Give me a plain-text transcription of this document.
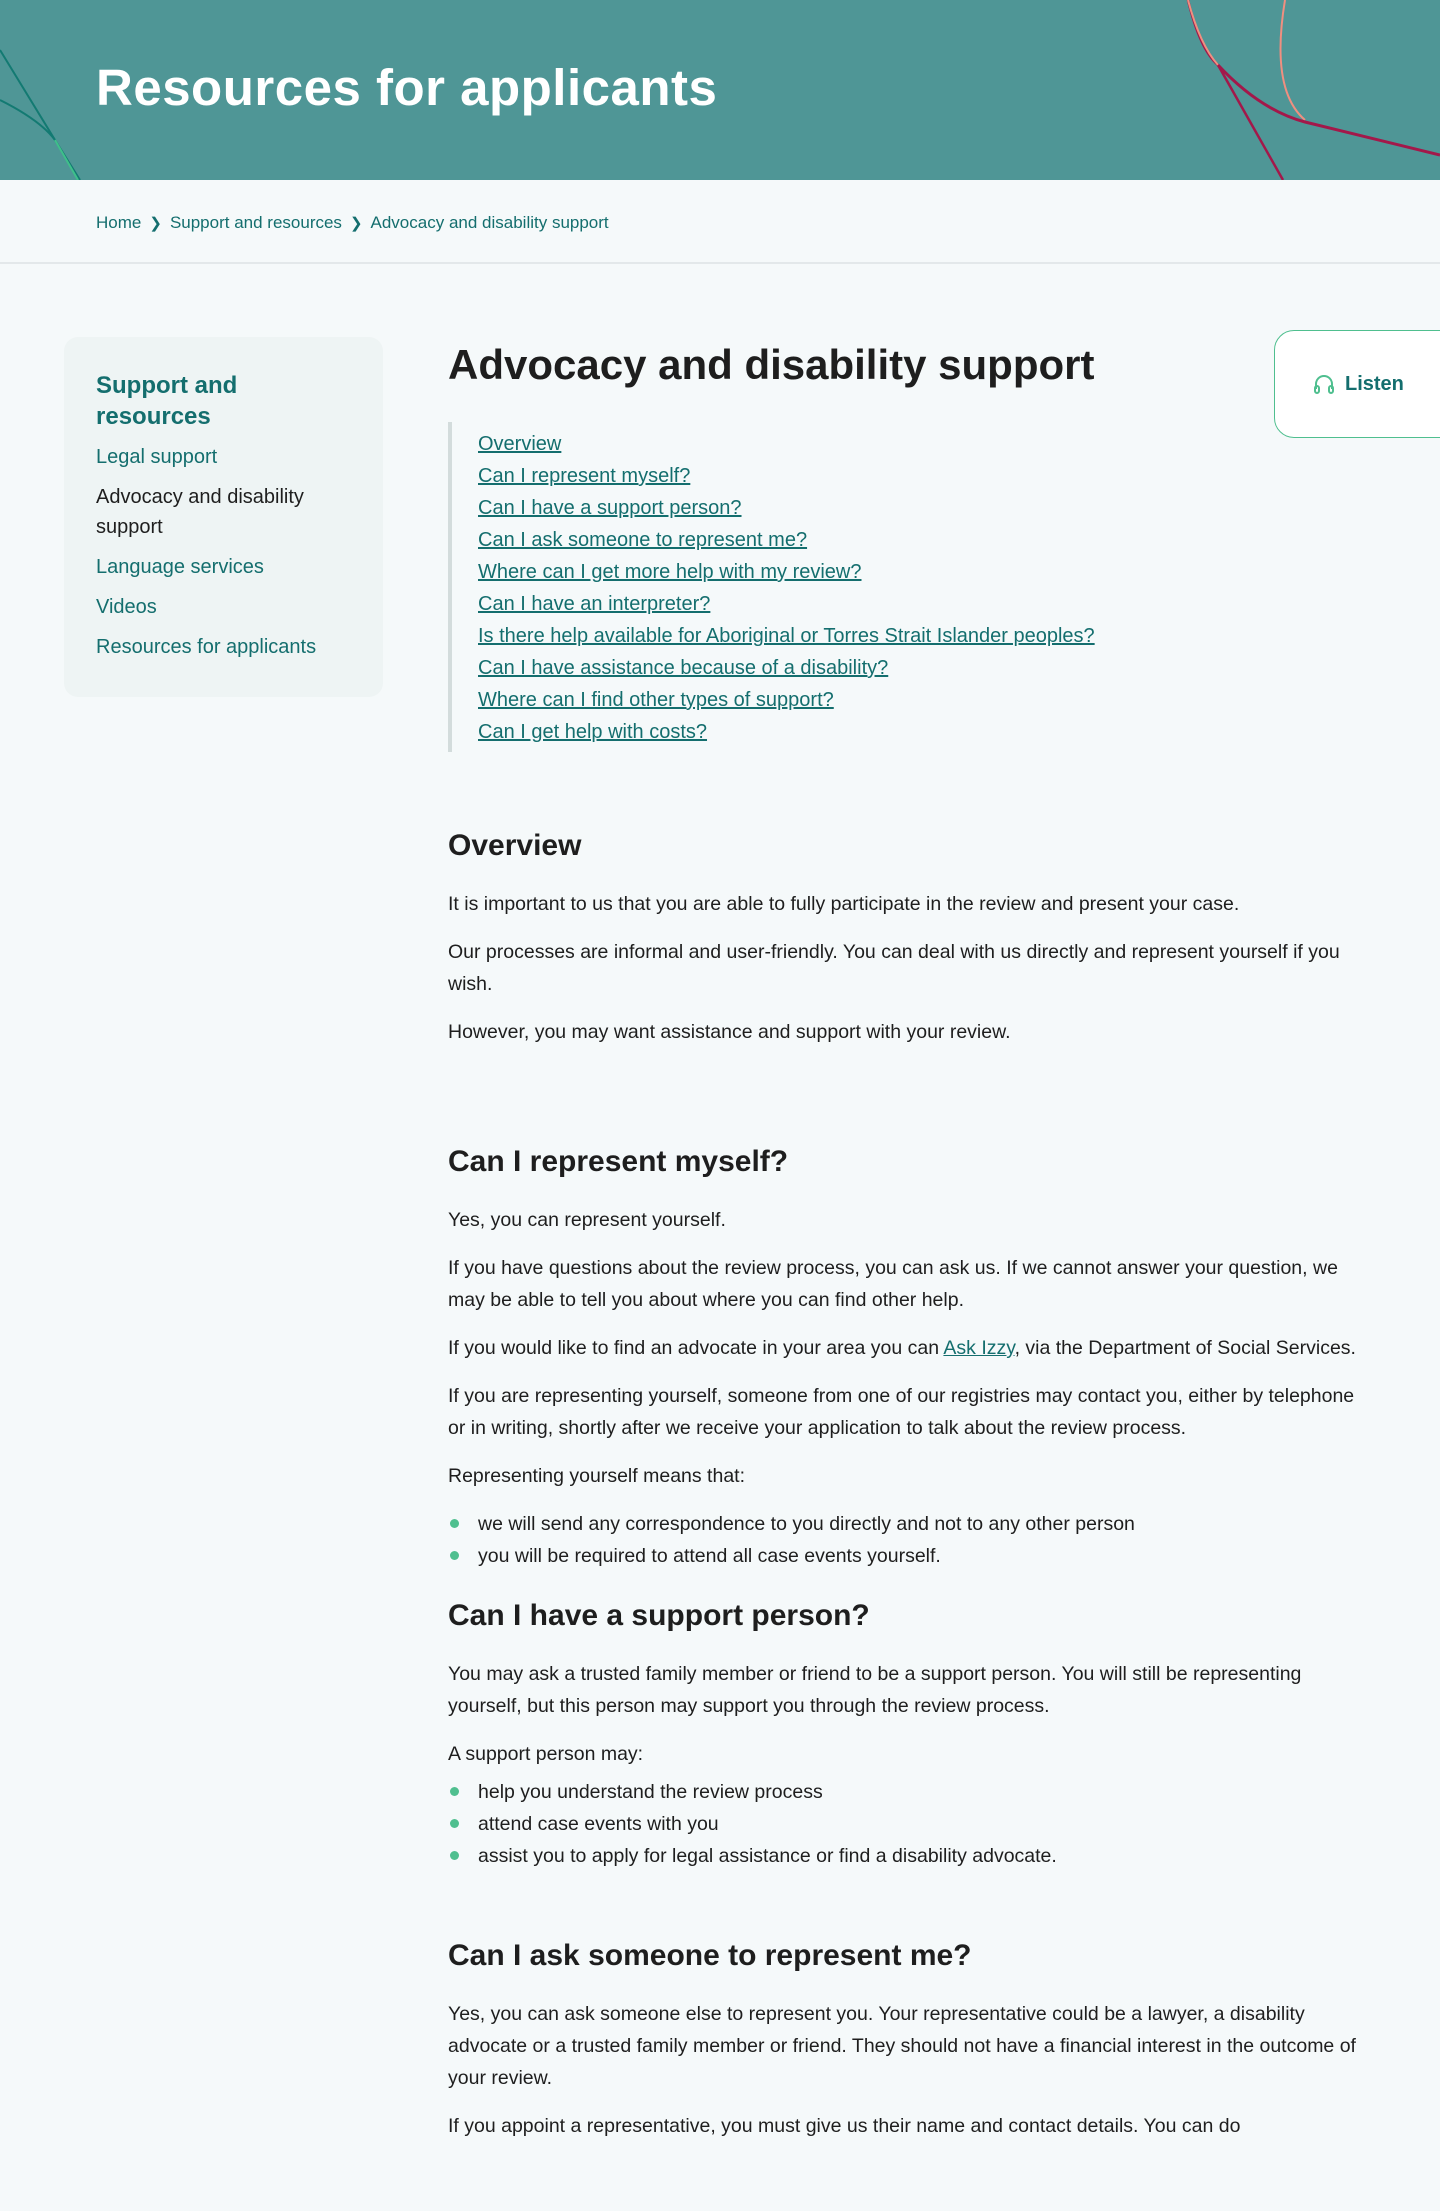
Resources for applicants
Home ❯ Support and resources ❯ Advocacy and disability support
Support and resources
Legal support
Advocacy and disability support
Language services
Videos
Resources for applicants
Listen
Advocacy and disability support
Overview
Can I represent myself?
Can I have a support person?
Can I ask someone to represent me?
Where can I get more help with my review?
Can I have an interpreter?
Is there help available for Aboriginal or Torres Strait Islander peoples?
Can I have assistance because of a disability?
Where can I find other types of support?
Can I get help with costs?
Overview

It is important to us that you are able to fully participate in the review and present your case.

Our processes are informal and user-friendly. You can deal with us directly and represent yourself if you wish.

However, you may want assistance and support with your review.

Can I represent myself?

Yes, you can represent yourself.

If you have questions about the review process, you can ask us. If we cannot answer your question, we may be able to tell you about where you can find other help.

If you would like to find an advocate in your area you can Ask Izzy, via the Department of Social Services.

If you are representing yourself, someone from one of our registries may contact you, either by telephone or in writing, shortly after we receive your application to talk about the review process.

Representing yourself means that:

we will send any correspondence to you directly and not to any other person
you will be required to attend all case events yourself.
Can I have a support person?

You may ask a trusted family member or friend to be a support person. You will still be representing yourself, but this person may support you through the review process.

A support person may:

help you understand the review process
attend case events with you
assist you to apply for legal assistance or find a disability advocate.
Can I ask someone to represent me?

Yes, you can ask someone else to represent you. Your representative could be a lawyer, a disability advocate or a trusted family member or friend. They should not have a financial interest in the outcome of your review.

If you appoint a representative, you must give us their name and contact details. You can do
